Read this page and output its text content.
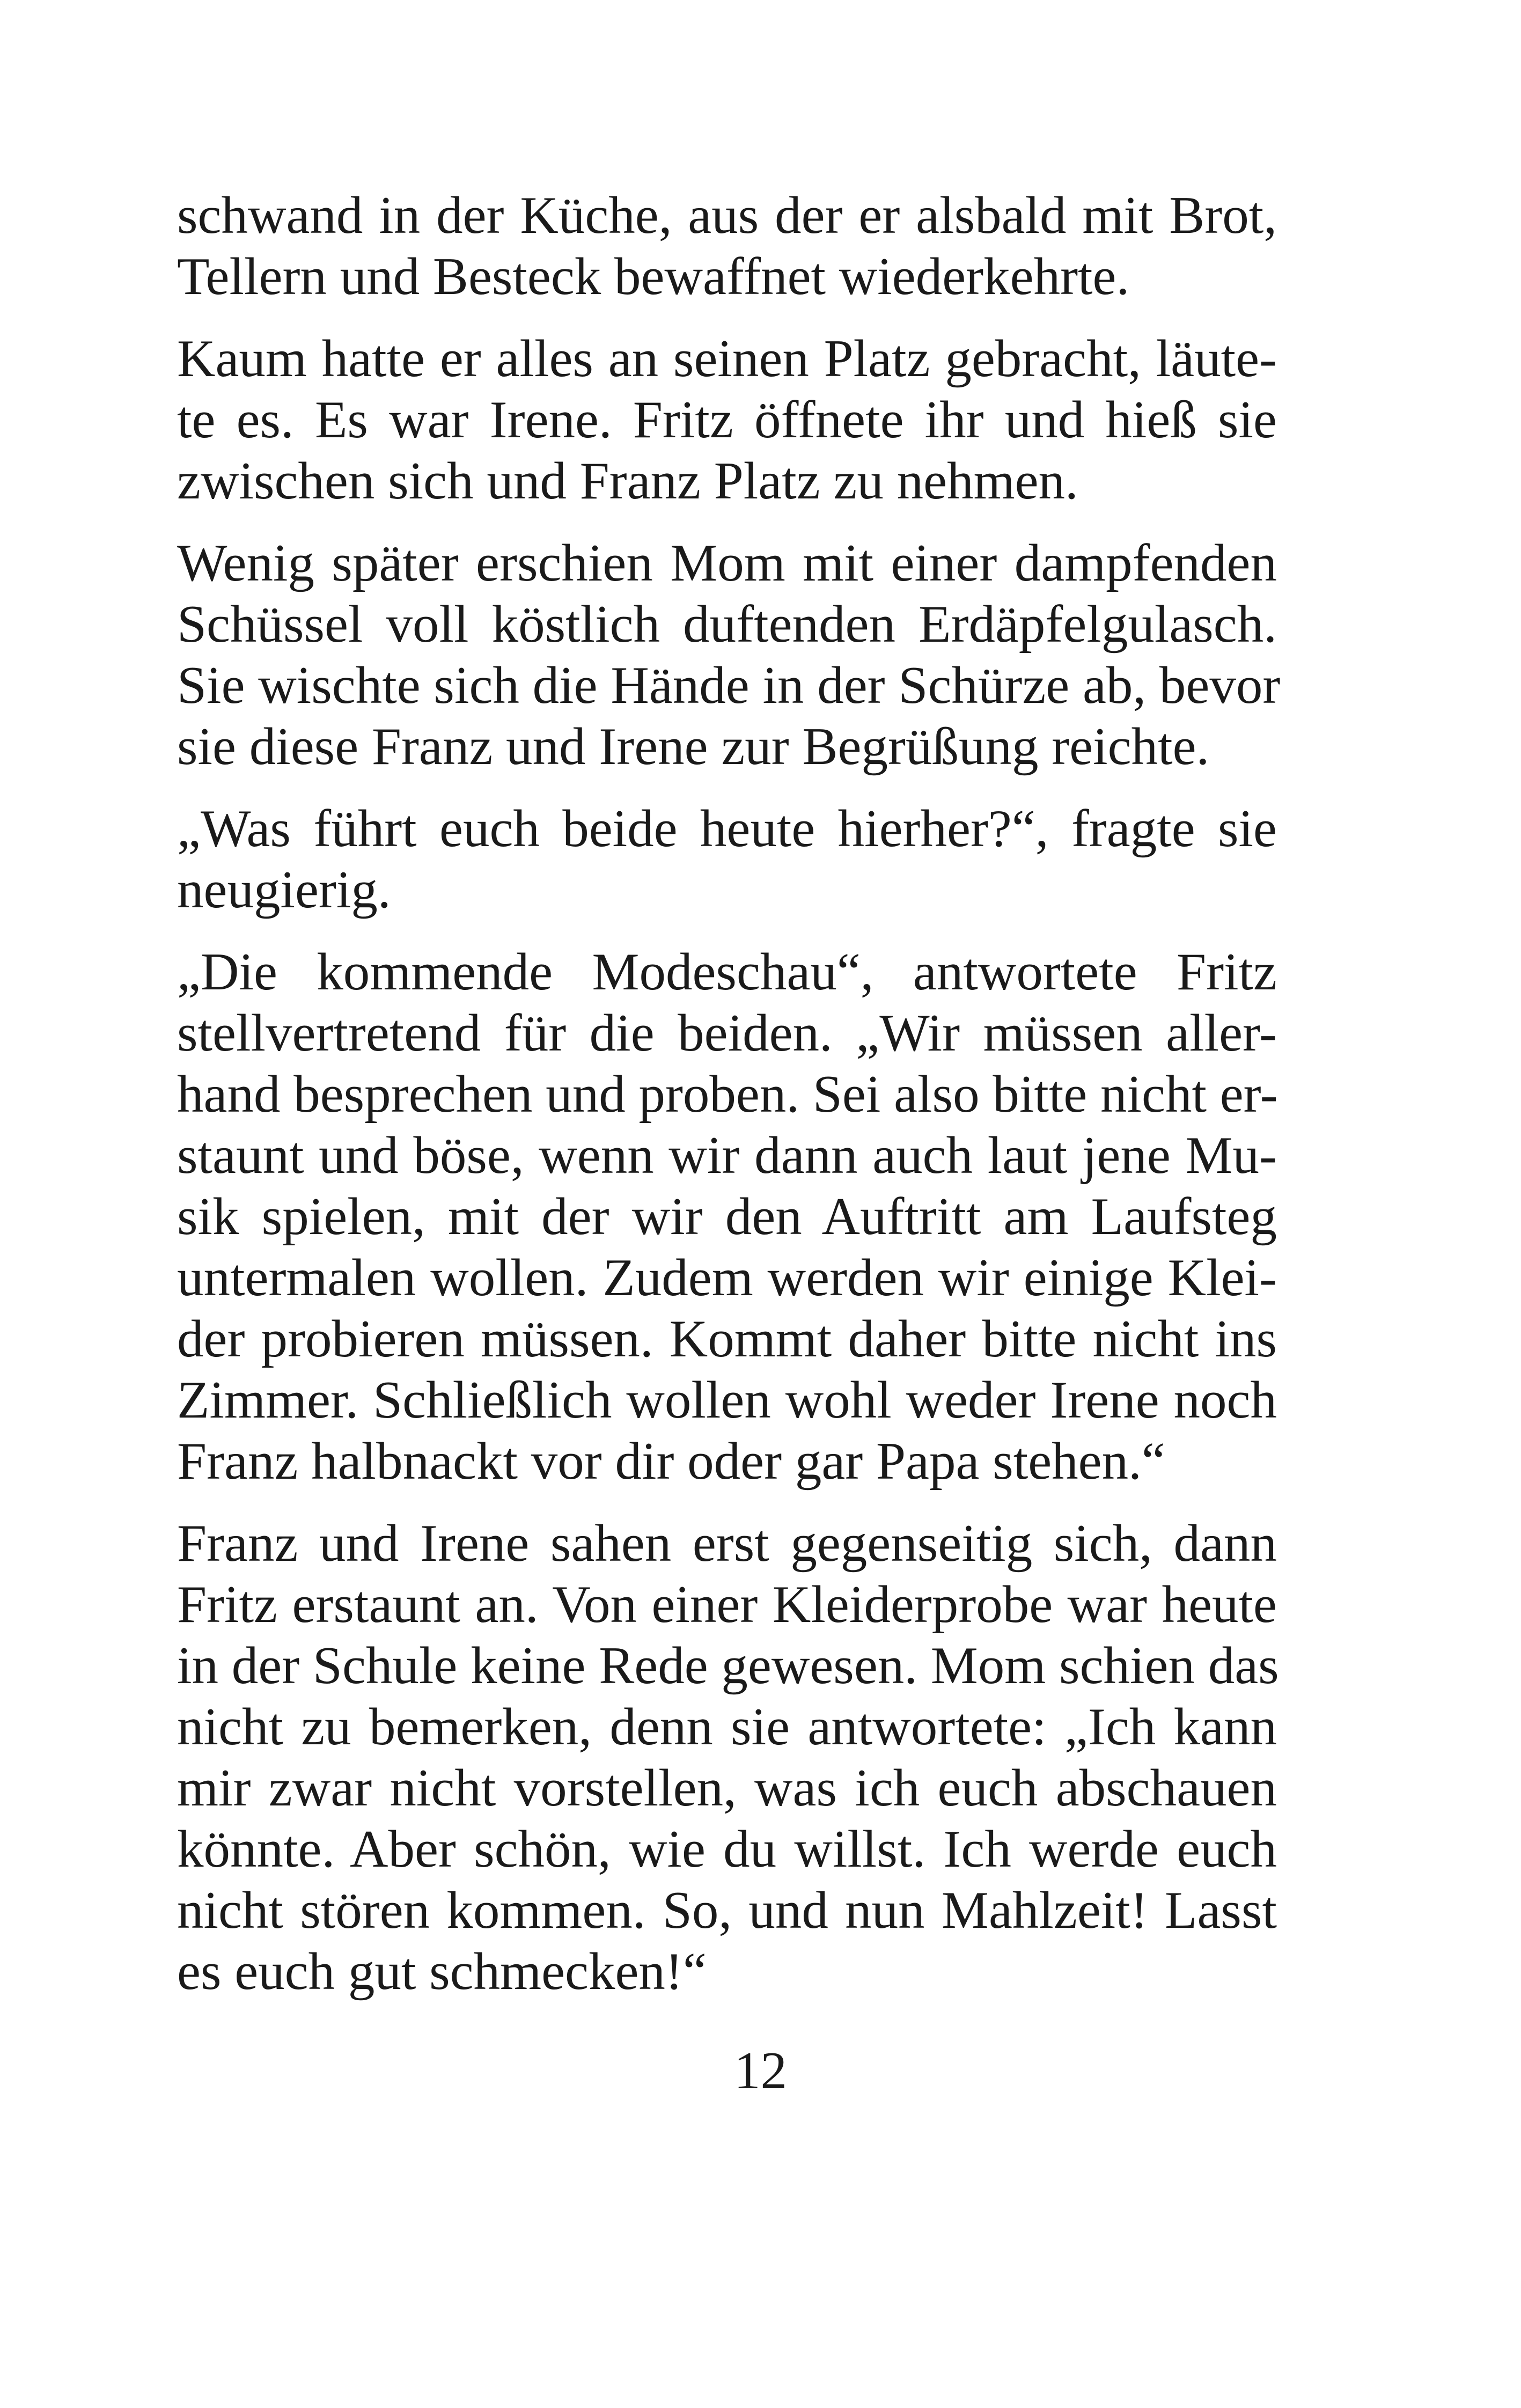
schwand in der Küche, aus der er alsbald mit Brot,
Tellern und Besteck bewaffnet wiederkehrte.

Kaum hatte er alles an seinen Platz gebracht, läute-
te es. Es war Irene. Fritz öffnete ihr und hieß sie
zwischen sich und Franz Platz zu nehmen.

Wenig später erschien Mom mit einer dampfenden
Schüssel voll köstlich duftenden Erdäpfelgulasch.
Sie wischte sich die Hände in der Schürze ab, bevor
sie diese Franz und Irene zur Begrüßung reichte.

„Was führt euch beide heute hierher?“, fragte sie
neugierig.

„Die kommende Modeschau“, antwortete Fritz
stellvertretend für die beiden. „Wir müssen aller-
hand besprechen und proben. Sei also bitte nicht er-
staunt und böse, wenn wir dann auch laut jene Mu-
sik spielen, mit der wir den Auftritt am Laufsteg
untermalen wollen. Zudem werden wir einige Klei-
der probieren müssen. Kommt daher bitte nicht ins
Zimmer. Schließlich wollen wohl weder Irene noch
Franz halbnackt vor dir oder gar Papa stehen.“

Franz und Irene sahen erst gegenseitig sich, dann
Fritz erstaunt an. Von einer Kleiderprobe war heute
in der Schule keine Rede gewesen. Mom schien das
nicht zu bemerken, denn sie antwortete: „Ich kann
mir zwar nicht vorstellen, was ich euch abschauen
könnte. Aber schön, wie du willst. Ich werde euch
nicht stören kommen. So, und nun Mahlzeit! Lasst
es euch gut schmecken!“

12
